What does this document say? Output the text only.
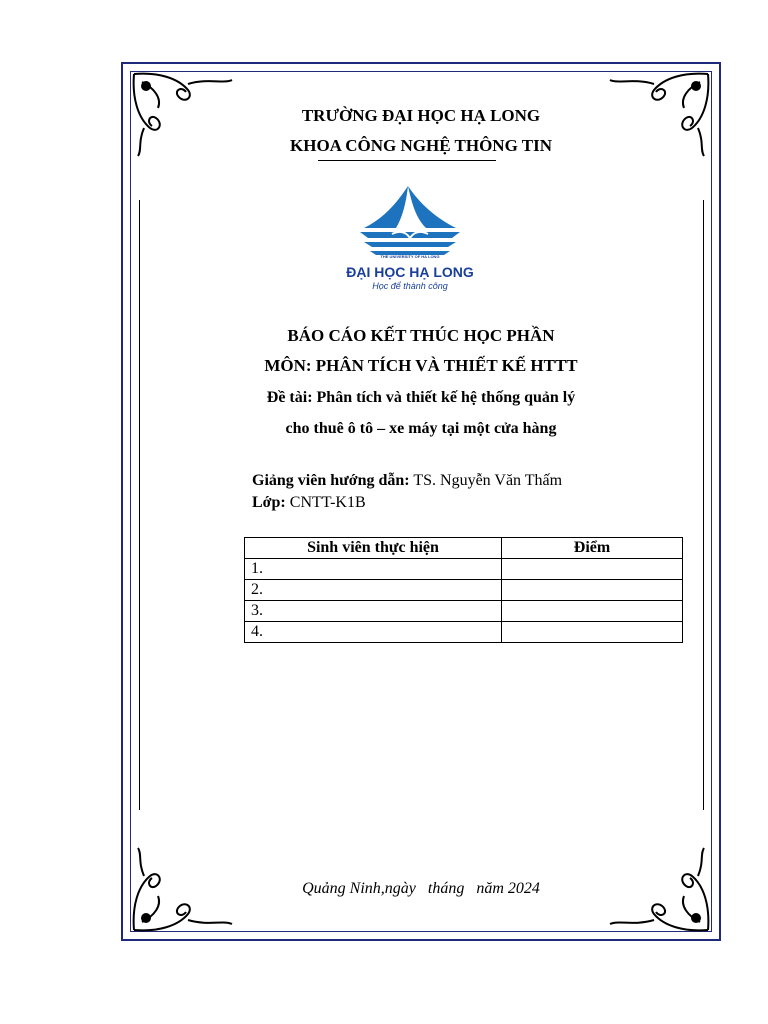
TRƯỜNG ĐẠI HỌC HẠ LONG
KHOA CÔNG NGHỆ THÔNG TIN
THE UNIVERSITY OF HA LONG
ĐẠI HỌC HẠ LONG
Học để thành công
BÁO CÁO KẾT THÚC HỌC PHẦN
MÔN: PHÂN TÍCH VÀ THIẾT KẾ HTTT
Đề tài: Phân tích và thiết kế hệ thống quản lý
cho thuê ô tô – xe máy tại một cửa hàng
Giảng viên hướng dẫn: TS. Nguyễn Văn Thấm
Lớp: CNTT-K1B
Sinh viên thực hiện	Điểm
1.	
2.	
3.	
4.	
Quảng Ninh,ngày   tháng   năm 2024
